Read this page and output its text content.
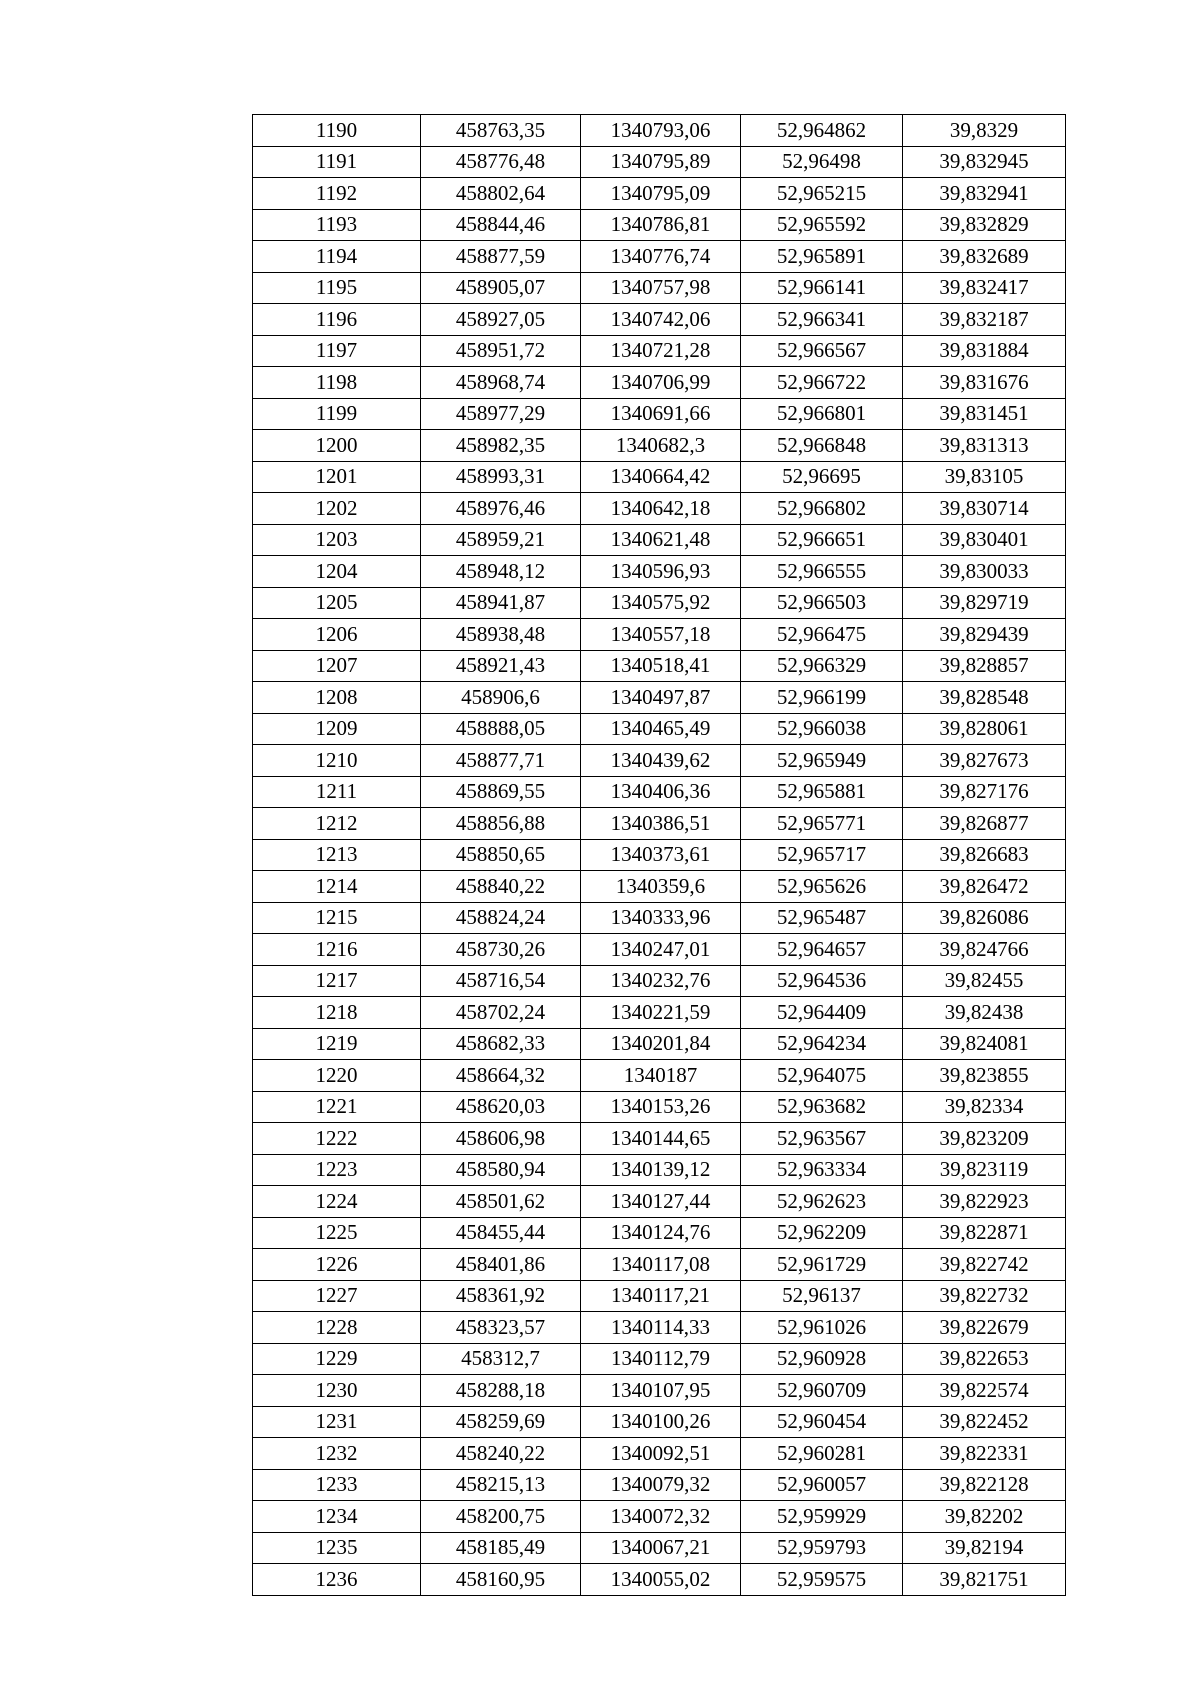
1190	458763,35	1340793,06	52,964862	39,8329
1191	458776,48	1340795,89	52,96498	39,832945
1192	458802,64	1340795,09	52,965215	39,832941
1193	458844,46	1340786,81	52,965592	39,832829
1194	458877,59	1340776,74	52,965891	39,832689
1195	458905,07	1340757,98	52,966141	39,832417
1196	458927,05	1340742,06	52,966341	39,832187
1197	458951,72	1340721,28	52,966567	39,831884
1198	458968,74	1340706,99	52,966722	39,831676
1199	458977,29	1340691,66	52,966801	39,831451
1200	458982,35	1340682,3	52,966848	39,831313
1201	458993,31	1340664,42	52,96695	39,83105
1202	458976,46	1340642,18	52,966802	39,830714
1203	458959,21	1340621,48	52,966651	39,830401
1204	458948,12	1340596,93	52,966555	39,830033
1205	458941,87	1340575,92	52,966503	39,829719
1206	458938,48	1340557,18	52,966475	39,829439
1207	458921,43	1340518,41	52,966329	39,828857
1208	458906,6	1340497,87	52,966199	39,828548
1209	458888,05	1340465,49	52,966038	39,828061
1210	458877,71	1340439,62	52,965949	39,827673
1211	458869,55	1340406,36	52,965881	39,827176
1212	458856,88	1340386,51	52,965771	39,826877
1213	458850,65	1340373,61	52,965717	39,826683
1214	458840,22	1340359,6	52,965626	39,826472
1215	458824,24	1340333,96	52,965487	39,826086
1216	458730,26	1340247,01	52,964657	39,824766
1217	458716,54	1340232,76	52,964536	39,82455
1218	458702,24	1340221,59	52,964409	39,82438
1219	458682,33	1340201,84	52,964234	39,824081
1220	458664,32	1340187	52,964075	39,823855
1221	458620,03	1340153,26	52,963682	39,82334
1222	458606,98	1340144,65	52,963567	39,823209
1223	458580,94	1340139,12	52,963334	39,823119
1224	458501,62	1340127,44	52,962623	39,822923
1225	458455,44	1340124,76	52,962209	39,822871
1226	458401,86	1340117,08	52,961729	39,822742
1227	458361,92	1340117,21	52,96137	39,822732
1228	458323,57	1340114,33	52,961026	39,822679
1229	458312,7	1340112,79	52,960928	39,822653
1230	458288,18	1340107,95	52,960709	39,822574
1231	458259,69	1340100,26	52,960454	39,822452
1232	458240,22	1340092,51	52,960281	39,822331
1233	458215,13	1340079,32	52,960057	39,822128
1234	458200,75	1340072,32	52,959929	39,82202
1235	458185,49	1340067,21	52,959793	39,82194
1236	458160,95	1340055,02	52,959575	39,821751
